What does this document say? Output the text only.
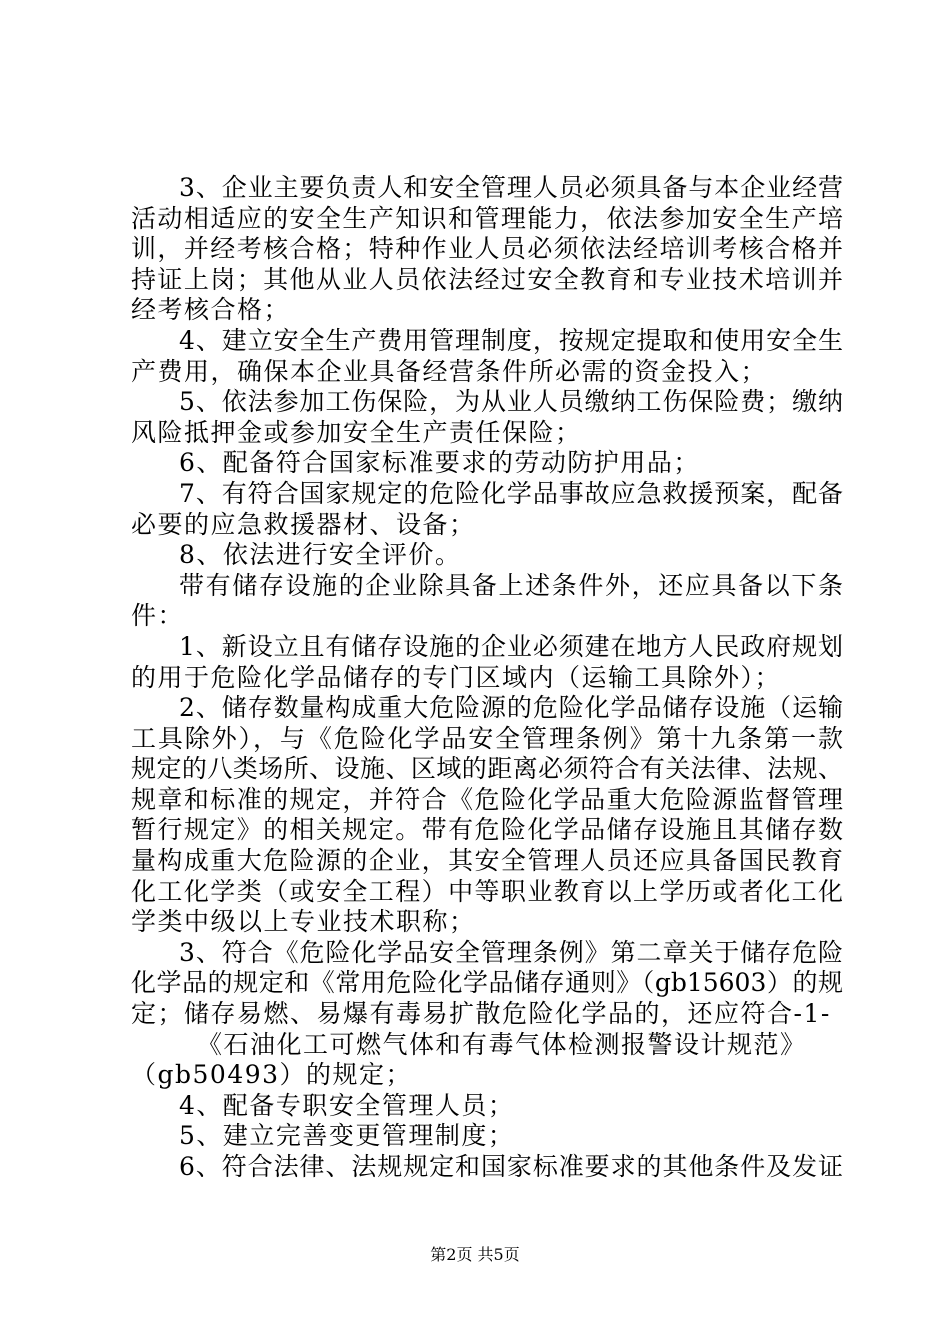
3、企业主要负责人和安全管理人员必须具备与本企业经营
活动相适应的安全生产知识和管理能力，依法参加安全生产培
训，并经考核合格；特种作业人员必须依法经培训考核合格并
持证上岗；其他从业人员依法经过安全教育和专业技术培训并
经考核合格；
4、建立安全生产费用管理制度，按规定提取和使用安全生
产费用，确保本企业具备经营条件所必需的资金投入；
5、依法参加工伤保险，为从业人员缴纳工伤保险费；缴纳
风险抵押金或参加安全生产责任保险；
6、配备符合国家标准要求的劳动防护用品；
7、有符合国家规定的危险化学品事故应急救援预案，配备
必要的应急救援器材、设备；
8、依法进行安全评价。
带有储存设施的企业除具备上述条件外，还应具备以下条
件：
1、新设立且有储存设施的企业必须建在地方人民政府规划
的用于危险化学品储存的专门区域内（运输工具除外）；
2、储存数量构成重大危险源的危险化学品储存设施（运输
工具除外），与《危险化学品安全管理条例》第十九条第一款
规定的八类场所、设施、区域的距离必须符合有关法律、法规、
规章和标准的规定，并符合《危险化学品重大危险源监督管理
暂行规定》的相关规定。带有危险化学品储存设施且其储存数
量构成重大危险源的企业，其安全管理人员还应具备国民教育
化工化学类（或安全工程）中等职业教育以上学历或者化工化
学类中级以上专业技术职称；
3、符合《危险化学品安全管理条例》第二章关于储存危险
化学品的规定和《常用危险化学品储存通则》（gb15603）的规
定；储存易燃、易爆有毒易扩散危险化学品的，还应符合-1-
《石油化工可燃气体和有毒气体检测报警设计规范》
（gb50493）的规定；
4、配备专职安全管理人员；
5、建立完善变更管理制度；
6、符合法律、法规规定和国家标准要求的其他条件及发证
第2页 共5页
